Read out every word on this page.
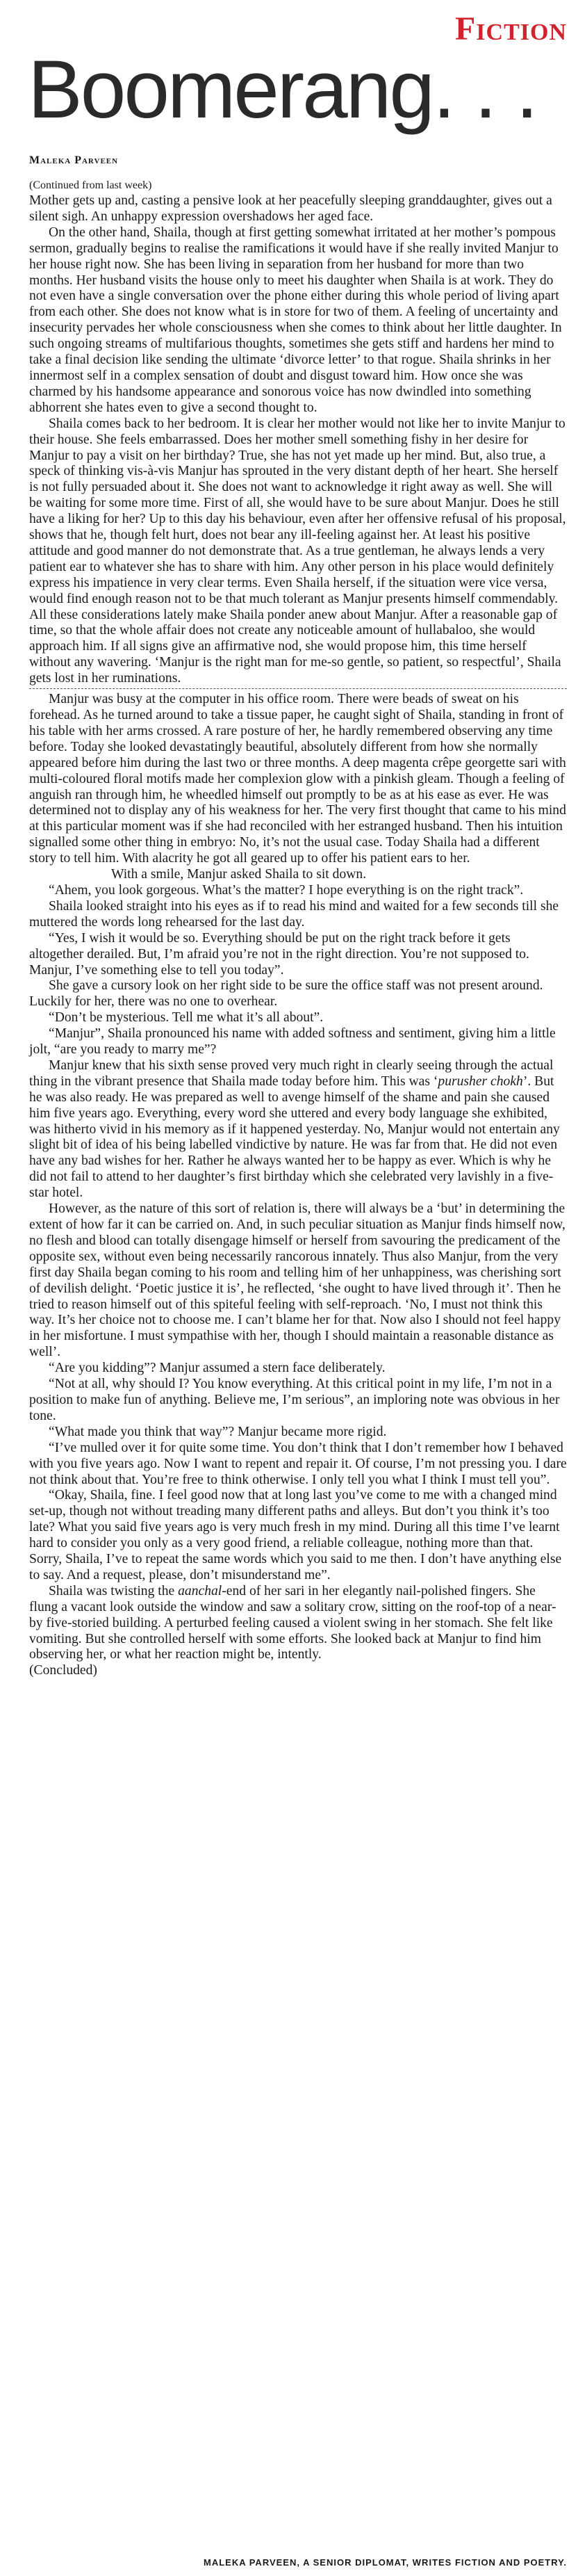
Fiction
Boomerang. . .
Maleka Parveen

(Continued from last week)

Mother gets up and, casting a pensive look at her peacefully sleeping granddaughter, gives out a silent sigh. An unhappy expression overshadows her aged face.

On the other hand, Shaila, though at first getting somewhat irritated at her mother’s pompous sermon, gradually begins to realise the ramifications it would have if she really invited Manjur to her house right now. She has been living in separation from her husband for more than two months. Her husband visits the house only to meet his daughter when Shaila is at work. They do not even have a single conversation over the phone either during this whole period of living apart from each other. She does not know what is in store for two of them. A feeling of uncertainty and insecurity pervades her whole consciousness when she comes to think about her little daughter. In such ongoing streams of multifarious thoughts, sometimes she gets stiff and hardens her mind to take a final decision like sending the ultimate ‘divorce letter’ to that rogue. Shaila shrinks in her innermost self in a complex sensation of doubt and disgust toward him. How once she was charmed by his handsome appearance and sonorous voice has now dwindled into something abhorrent she hates even to give a second thought to.

Shaila comes back to her bedroom. It is clear her mother would not like her to invite Manjur to their house. She feels embarrassed. Does her mother smell something fishy in her desire for Manjur to pay a visit on her birthday? True, she has not yet made up her mind. But, also true, a speck of thinking vis-à-vis Manjur has sprouted in the very distant depth of her heart. She herself is not fully persuaded about it. She does not want to acknowledge it right away as well. She will be waiting for some more time. First of all, she would have to be sure about Manjur. Does he still have a liking for her? Up to this day his behaviour, even after her offensive refusal of his proposal, shows that he, though felt hurt, does not bear any ill-feeling against her. At least his positive attitude and good manner do not demonstrate that. As a true gentleman, he always lends a very patient ear to whatever she has to share with him. Any other person in his place would definitely express his impatience in very clear terms. Even Shaila herself, if the situation were vice versa, would find enough reason not to be that much tolerant as Manjur presents himself commendably. All these considerations lately make Shaila ponder anew about Manjur. After a reasonable gap of time, so that the whole affair does not create any noticeable amount of hullabaloo, she would approach him. If all signs give an affirmative nod, she would propose him, this time herself without any wavering. ‘Manjur is the right man for me-so gentle, so patient, so respectful’, Shaila gets lost in her ruminations.

Manjur was busy at the computer in his office room. There were beads of sweat on his forehead. As he turned around to take a tissue paper, he caught sight of Shaila, standing in front of his table with her arms crossed. A rare posture of her, he hardly remembered observing any time before. Today she looked devastatingly beautiful, absolutely different from how she normally appeared before him during the last two or three months. A deep magenta crêpe georgette sari with multi-coloured floral motifs made her complexion glow with a pinkish gleam. Though a feeling of anguish ran through him, he wheedled himself out promptly to be as at his ease as ever. He was determined not to display any of his weakness for her. The very first thought that came to his mind at this particular moment was if she had reconciled with her estranged husband. Then his intuition signalled some other thing in embryo: No, it’s not the usual case. Today Shaila had a different story to tell him. With alacrity he got all geared up to offer his patient ears to her.

With a smile, Manjur asked Shaila to sit down.

“Ahem, you look gorgeous. What’s the matter? I hope everything is on the right track”.

Shaila looked straight into his eyes as if to read his mind and waited for a few seconds till she muttered the words long rehearsed for the last day.

“Yes, I wish it would be so. Everything should be put on the right track before it gets altogether derailed. But, I’m afraid you’re not in the right direction. You’re not supposed to. Manjur, I’ve something else to tell you today”.

She gave a cursory look on her right side to be sure the office staff was not present around. Luckily for her, there was no one to overhear.

“Don’t be mysterious. Tell me what it’s all about”.

“Manjur”, Shaila pronounced his name with added softness and sentiment, giving him a little jolt, “are you ready to marry me”?

Manjur knew that his sixth sense proved very much right in clearly seeing through the actual thing in the vibrant presence that Shaila made today before him. This was ‘purusher chokh’. But he was also ready. He was prepared as well to avenge himself of the shame and pain she caused him five years ago. Everything, every word she uttered and every body language she exhibited, was hitherto vivid in his memory as if it happened yesterday. No, Manjur would not entertain any slight bit of idea of his being labelled vindictive by nature. He was far from that. He did not even have any bad wishes for her. Rather he always wanted her to be happy as ever. Which is why he did not fail to attend to her daughter’s first birthday which she celebrated very lavishly in a five-star hotel.

However, as the nature of this sort of relation is, there will always be a ‘but’ in determining the extent of how far it can be carried on. And, in such peculiar situation as Manjur finds himself now, no flesh and blood can totally disengage himself or herself from savouring the predicament of the opposite sex, without even being necessarily rancorous innately. Thus also Manjur, from the very first day Shaila began coming to his room and telling him of her unhappiness, was cherishing sort of devilish delight. ‘Poetic justice it is’, he reflected, ‘she ought to have lived through it’. Then he tried to reason himself out of this spiteful feeling with self-reproach. ‘No, I must not think this way. It’s her choice not to choose me. I can’t blame her for that. Now also I should not feel happy in her misfortune. I must sympathise with her, though I should maintain a reasonable distance as well’.

“Are you kidding”? Manjur assumed a stern face deliberately.

“Not at all, why should I? You know everything. At this critical point in my life, I’m not in a position to make fun of anything. Believe me, I’m serious”, an imploring note was obvious in her tone.

“What made you think that way”? Manjur became more rigid.

“I’ve mulled over it for quite some time. You don’t think that I don’t remember how I behaved with you five years ago. Now I want to repent and repair it. Of course, I’m not pressing you. I dare not think about that. You’re free to think otherwise. I only tell you what I think I must tell you”.

“Okay, Shaila, fine. I feel good now that at long last you’ve come to me with a changed mind set-up, though not without treading many different paths and alleys. But don’t you think it’s too late? What you said five years ago is very much fresh in my mind. During all this time I’ve learnt hard to consider you only as a very good friend, a reliable colleague, nothing more than that. Sorry, Shaila, I’ve to repeat the same words which you said to me then. I don’t have anything else to say. And a request, please, don’t misunderstand me”.

Shaila was twisting the aanchal-end of her sari in her elegantly nail-polished fingers. She flung a vacant look outside the window and saw a solitary crow, sitting on the roof-top of a near-by five-storied building. A perturbed feeling caused a violent swing in her stomach. She felt like vomiting. But she controlled herself with some efforts. She looked back at Manjur to find him observing her, or what her reaction might be, intently.

(Concluded)

MALEKA PARVEEN, A SENIOR DIPLOMAT, WRITES FICTION AND POETRY.
